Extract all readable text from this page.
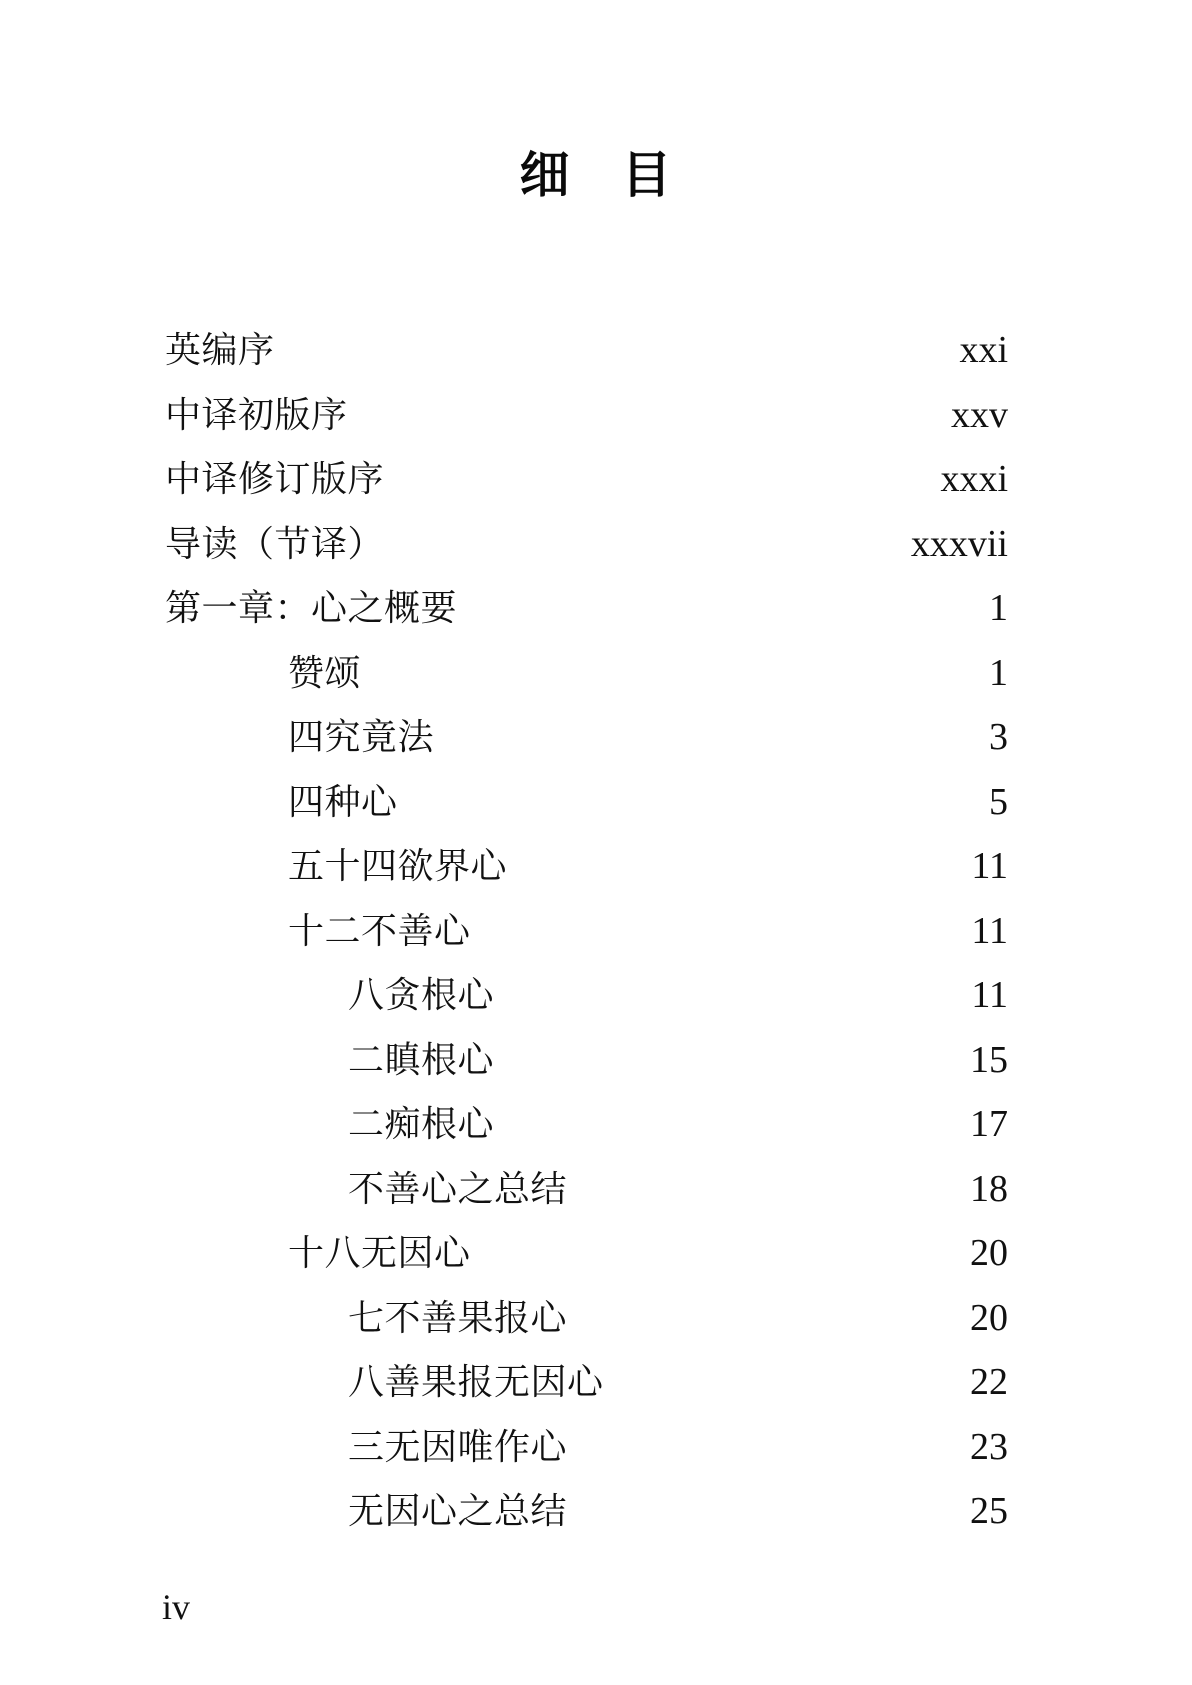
细　目
英编序	xxi
中译初版序	xxv
中译修订版序	xxxi
导读（节译）	xxxvii
第一章：心之概要	1
赞颂	1
四究竟法	3
四种心	5
五十四欲界心	11
十二不善心	11
八贪根心	11
二瞋根心	15
二痴根心	17
不善心之总结	18
十八无因心	20
七不善果报心	20
八善果报无因心	22
三无因唯作心	23
无因心之总结	25
iv
